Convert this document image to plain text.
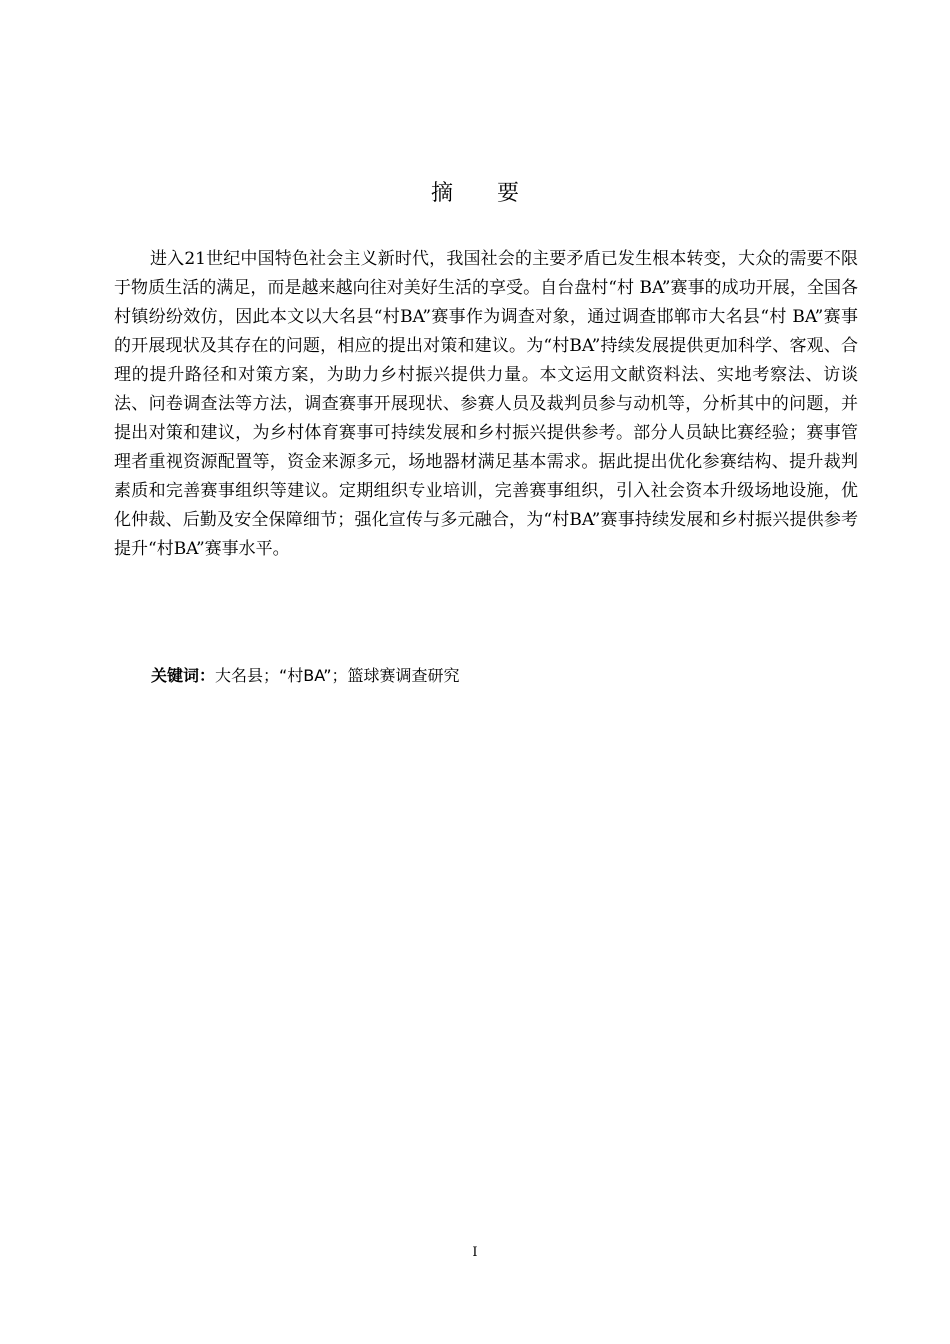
摘要

进入21世纪中国特色社会主义新时代，我国社会的主要矛盾已发生根本转变，大众的需要不限于物质生活的满足，而是越来越向往对美好生活的享受。自台盘村“村 BA”赛事的成功开展，全国各村镇纷纷效仿，因此本文以大名县“村BA”赛事作为调查对象，通过调查邯郸市大名县“村 BA”赛事的开展现状及其存在的问题，相应的提出对策和建议。为“村BA”持续发展提供更加科学、客观、合理的提升路径和对策方案，为助力乡村振兴提供力量。本文运用文献资料法、实地考察法、访谈法、问卷调查法等方法，调查赛事开展现状、参赛人员及裁判员参与动机等，分析其中的问题，并提出对策和建议，为乡村体育赛事可持续发展和乡村振兴提供参考。部分人员缺比赛经验；赛事管理者重视资源配置等，资金来源多元，场地器材满足基本需求。据此提出优化参赛结构、提升裁判素质和完善赛事组织等建议。定期组织专业培训，完善赛事组织，引入社会资本升级场地设施，优化仲裁、后勤及安全保障细节；强化宣传与多元融合，为“村BA”赛事持续发展和乡村振兴提供参考提升“村BA”赛事水平。

关键词：大名县；“村BA”；篮球赛调查研究
I
